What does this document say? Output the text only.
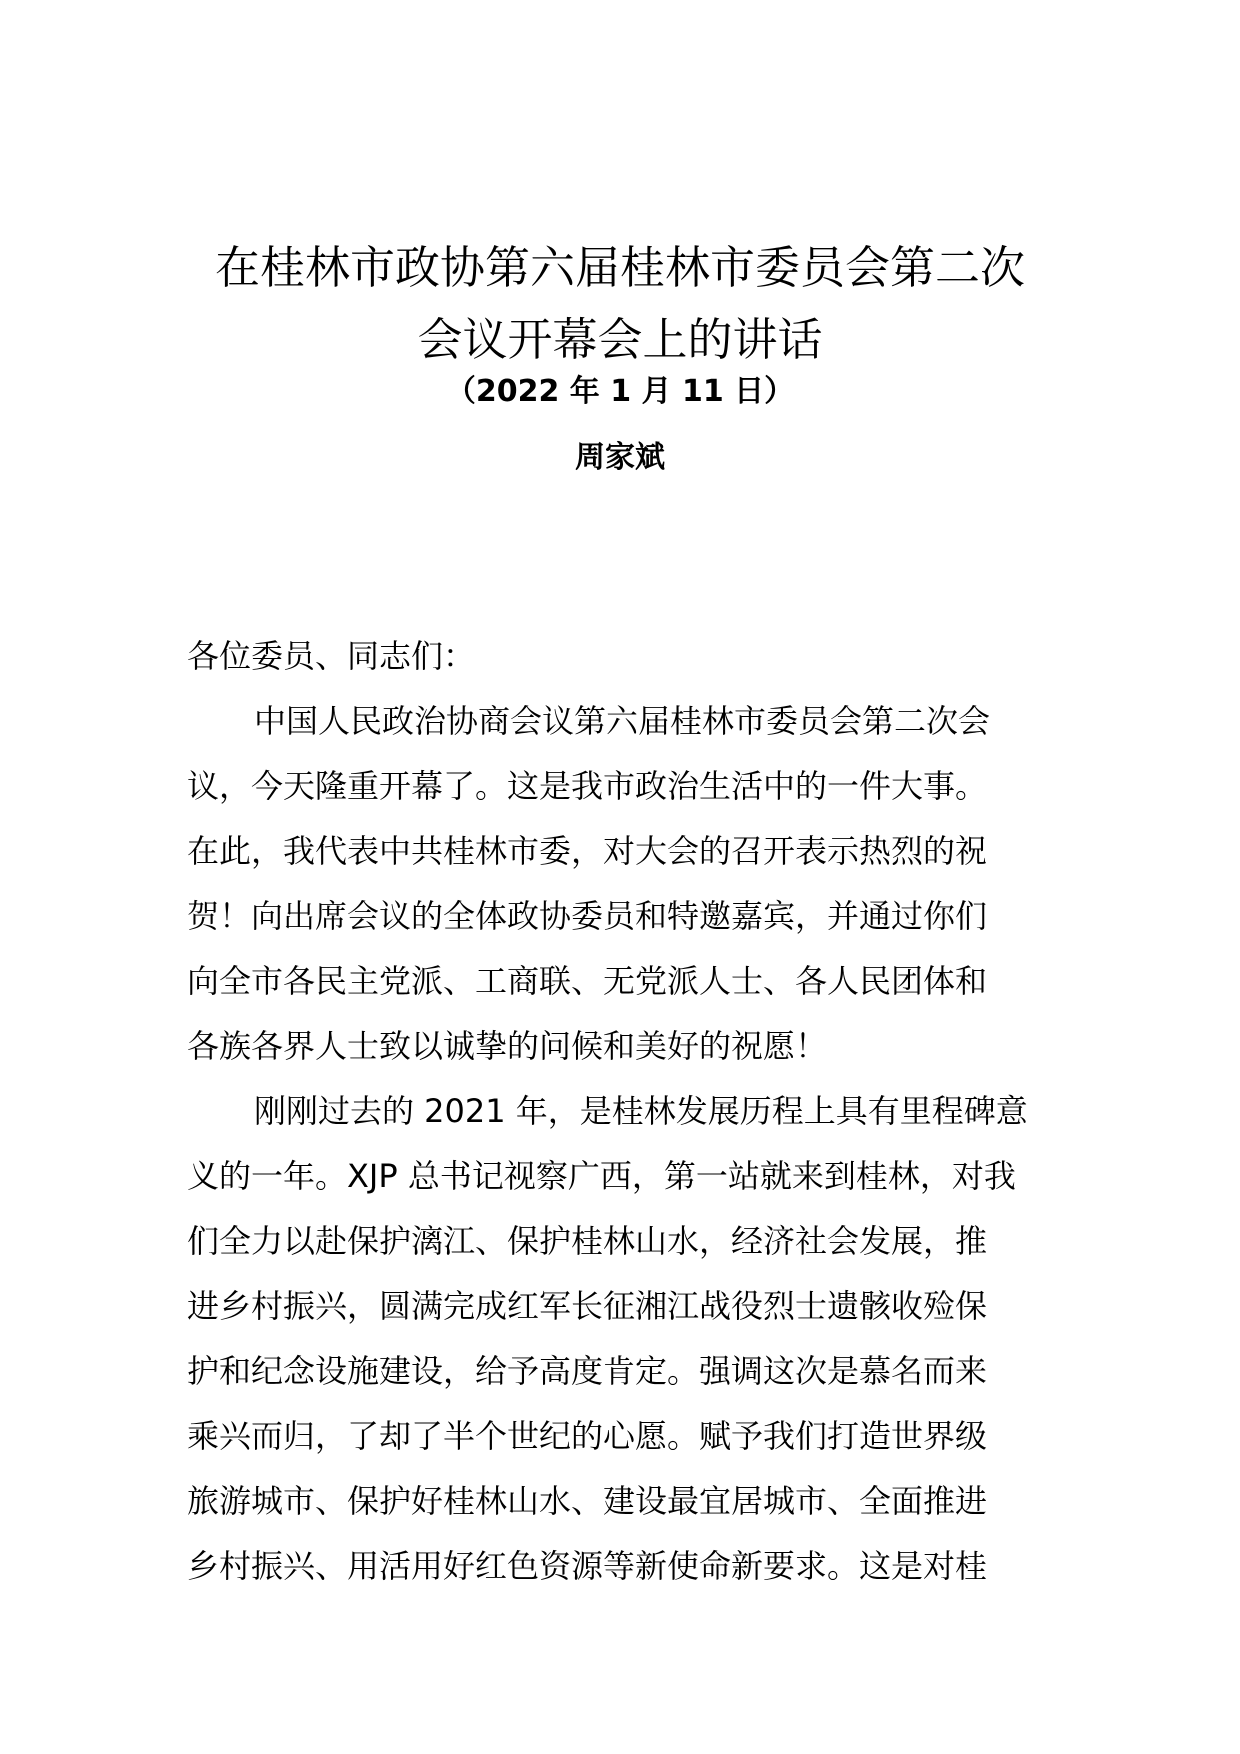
在桂林市政协第六届桂林市委员会第二次
会议开幕会上的讲话
（2022 年 1 月 11 日）
周家斌
各位委员、同志们：
中国人民政治协商会议第六届桂林市委员会第二次会
议，今天隆重开幕了。这是我市政治生活中的一件大事。
在此，我代表中共桂林市委，对大会的召开表示热烈的祝
贺！向出席会议的全体政协委员和特邀嘉宾，并通过你们
向全市各民主党派、工商联、无党派人士、各人民团体和
各族各界人士致以诚挚的问候和美好的祝愿！
刚刚过去的 2021 年，是桂林发展历程上具有里程碑意
义的一年。XJP 总书记视察广西，第一站就来到桂林，对我
们全力以赴保护漓江、保护桂林山水，经济社会发展，推
进乡村振兴，圆满完成红军长征湘江战役烈士遗骸收殓保
护和纪念设施建设，给予高度肯定。强调这次是慕名而来
乘兴而归，了却了半个世纪的心愿。赋予我们打造世界级
旅游城市、保护好桂林山水、建设最宜居城市、全面推进
乡村振兴、用活用好红色资源等新使命新要求。这是对桂
